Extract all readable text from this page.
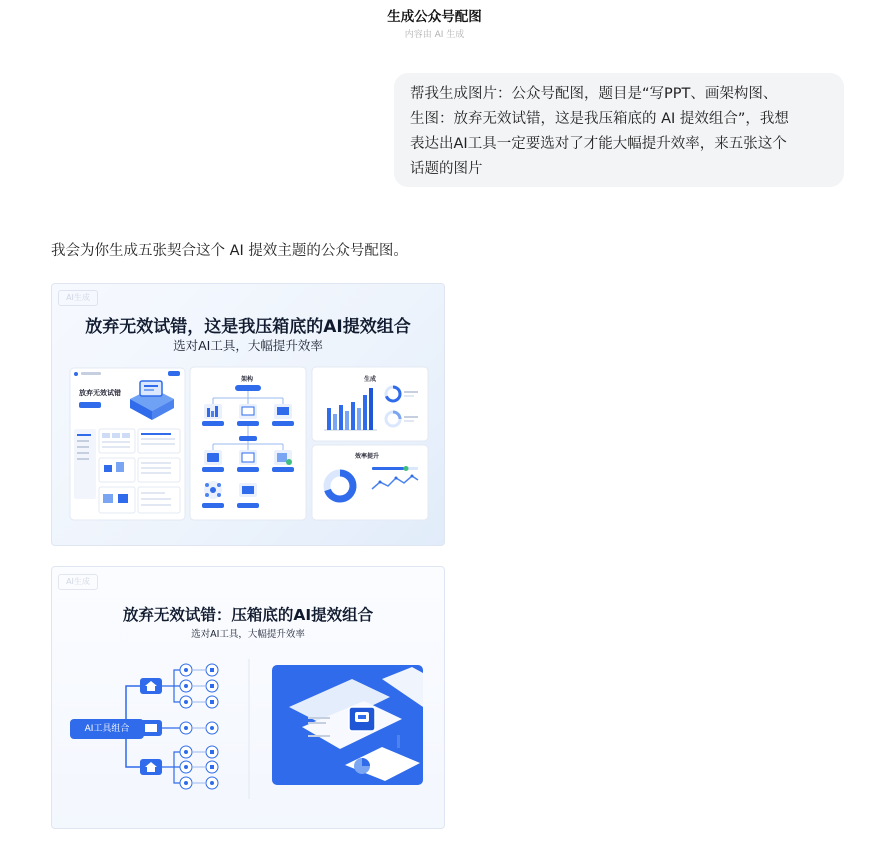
生成公众号配图
内容由 AI 生成
帮我生成图片：公众号配图，题目是“写PPT、画架构图、
生图：放弃无效试错，这是我压箱底的 AI 提效组合”，我想
表达出AI工具一定要选对了才能大幅提升效率，来五张这个
话题的图片
我会为你生成五张契合这个 AI 提效主题的公众号配图。
AI生成
放弃无效试错，这是我压箱底的AI提效组合
选对AI工具，大幅提升效率
放弃无效试错
架构	生成
效率提升
AI生成
放弃无效试错：压箱底的AI提效组合
选对AI工具，大幅提升效率
AI工具组合
